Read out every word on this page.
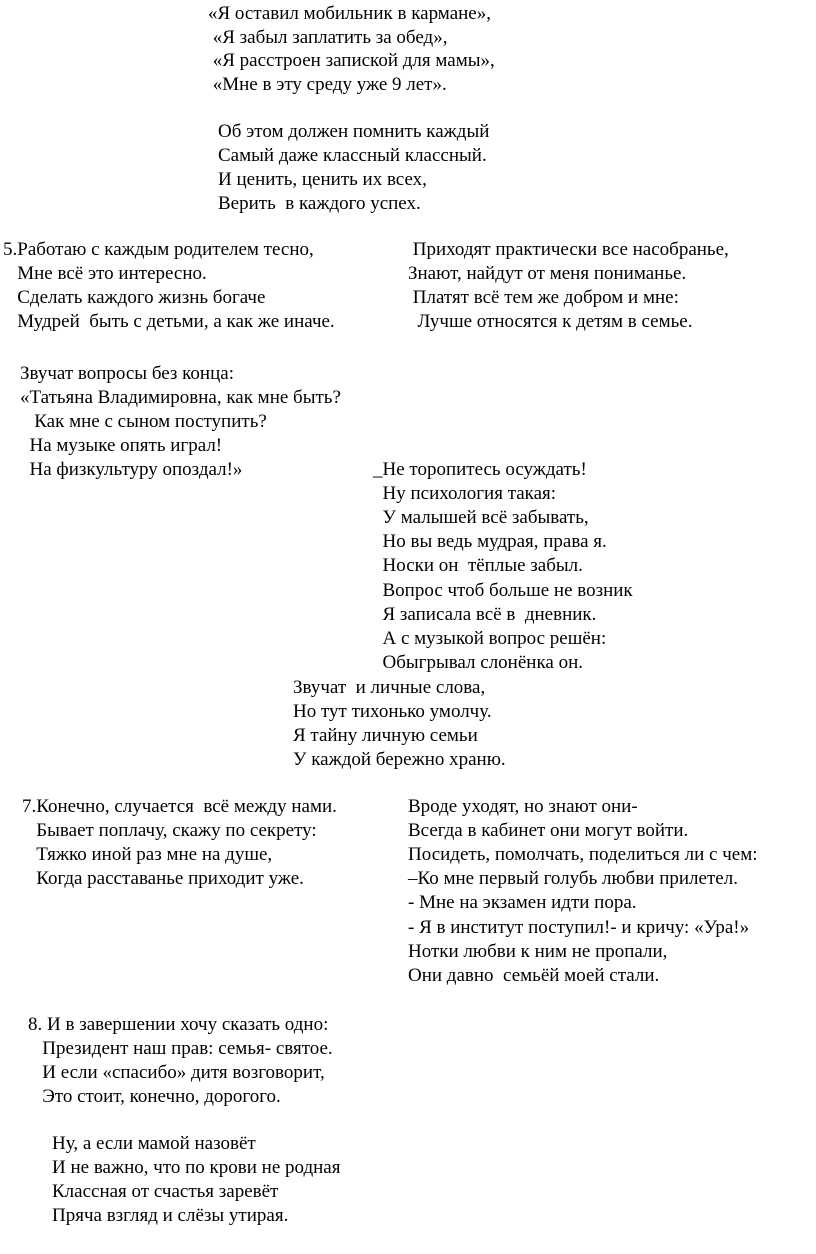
«Я оставил мобильник в кармане»,
«Я забыл заплатить за обед»,
«Я расстроен запиской для мамы»,
«Мне в эту среду уже 9 лет».
Об этом должен помнить каждый
Самый даже классный классный.
И ценить, ценить их всех,
Верить  в каждого успех.
5.Работаю с каждым родителем тесно,
Мне всё это интересно.
Сделать каждого жизнь богаче
Мудрей  быть с детьми, а как же иначе.
Приходят практически все насобранье,
Знают, найдут от меня пониманье.
Платят всё тем же добром и мне:
Лучше относятся к детям в семье.
Звучат вопросы без конца:
«Татьяна Владимировна, как мне быть?
Как мне с сыном поступить?
На музыке опять играл!
На физкультуру опоздал!»	_Не торопитесь осуждать!
Ну психология такая:
У малышей всё забывать,
Но вы ведь мудрая, права я.
Носки он  тёплые забыл.
Вопрос чтоб больше не возник
Я записала всё в  дневник.
А с музыкой вопрос решён:
Обыгрывал слонёнка он.
Звучат  и личные слова,
Но тут тихонько умолчу.
Я тайну личную семьи
У каждой бережно храню.
7.Конечно, случается  всё между нами.
Бывает поплачу, скажу по секрету:
Тяжко иной раз мне на душе,
Когда расставанье приходит уже.
Вроде уходят, но знают они-
Всегда в кабинет они могут войти.
Посидеть, помолчать, поделиться ли с чем:
–Ко мне первый голубь любви прилетел.
- Мне на экзамен идти пора.
- Я в институт поступил!- и кричу: «Ура!»
Нотки любви к ним не пропали,
Они давно  семьёй моей стали.
8. И в завершении хочу сказать одно:
Президент наш прав: семья- святое.
И если «спасибо» дитя возговорит,
Это стоит, конечно, дорогого.
Ну, а если мамой назовёт
И не важно, что по крови не родная
Классная от счастья заревёт
Пряча взгляд и слёзы утирая.
